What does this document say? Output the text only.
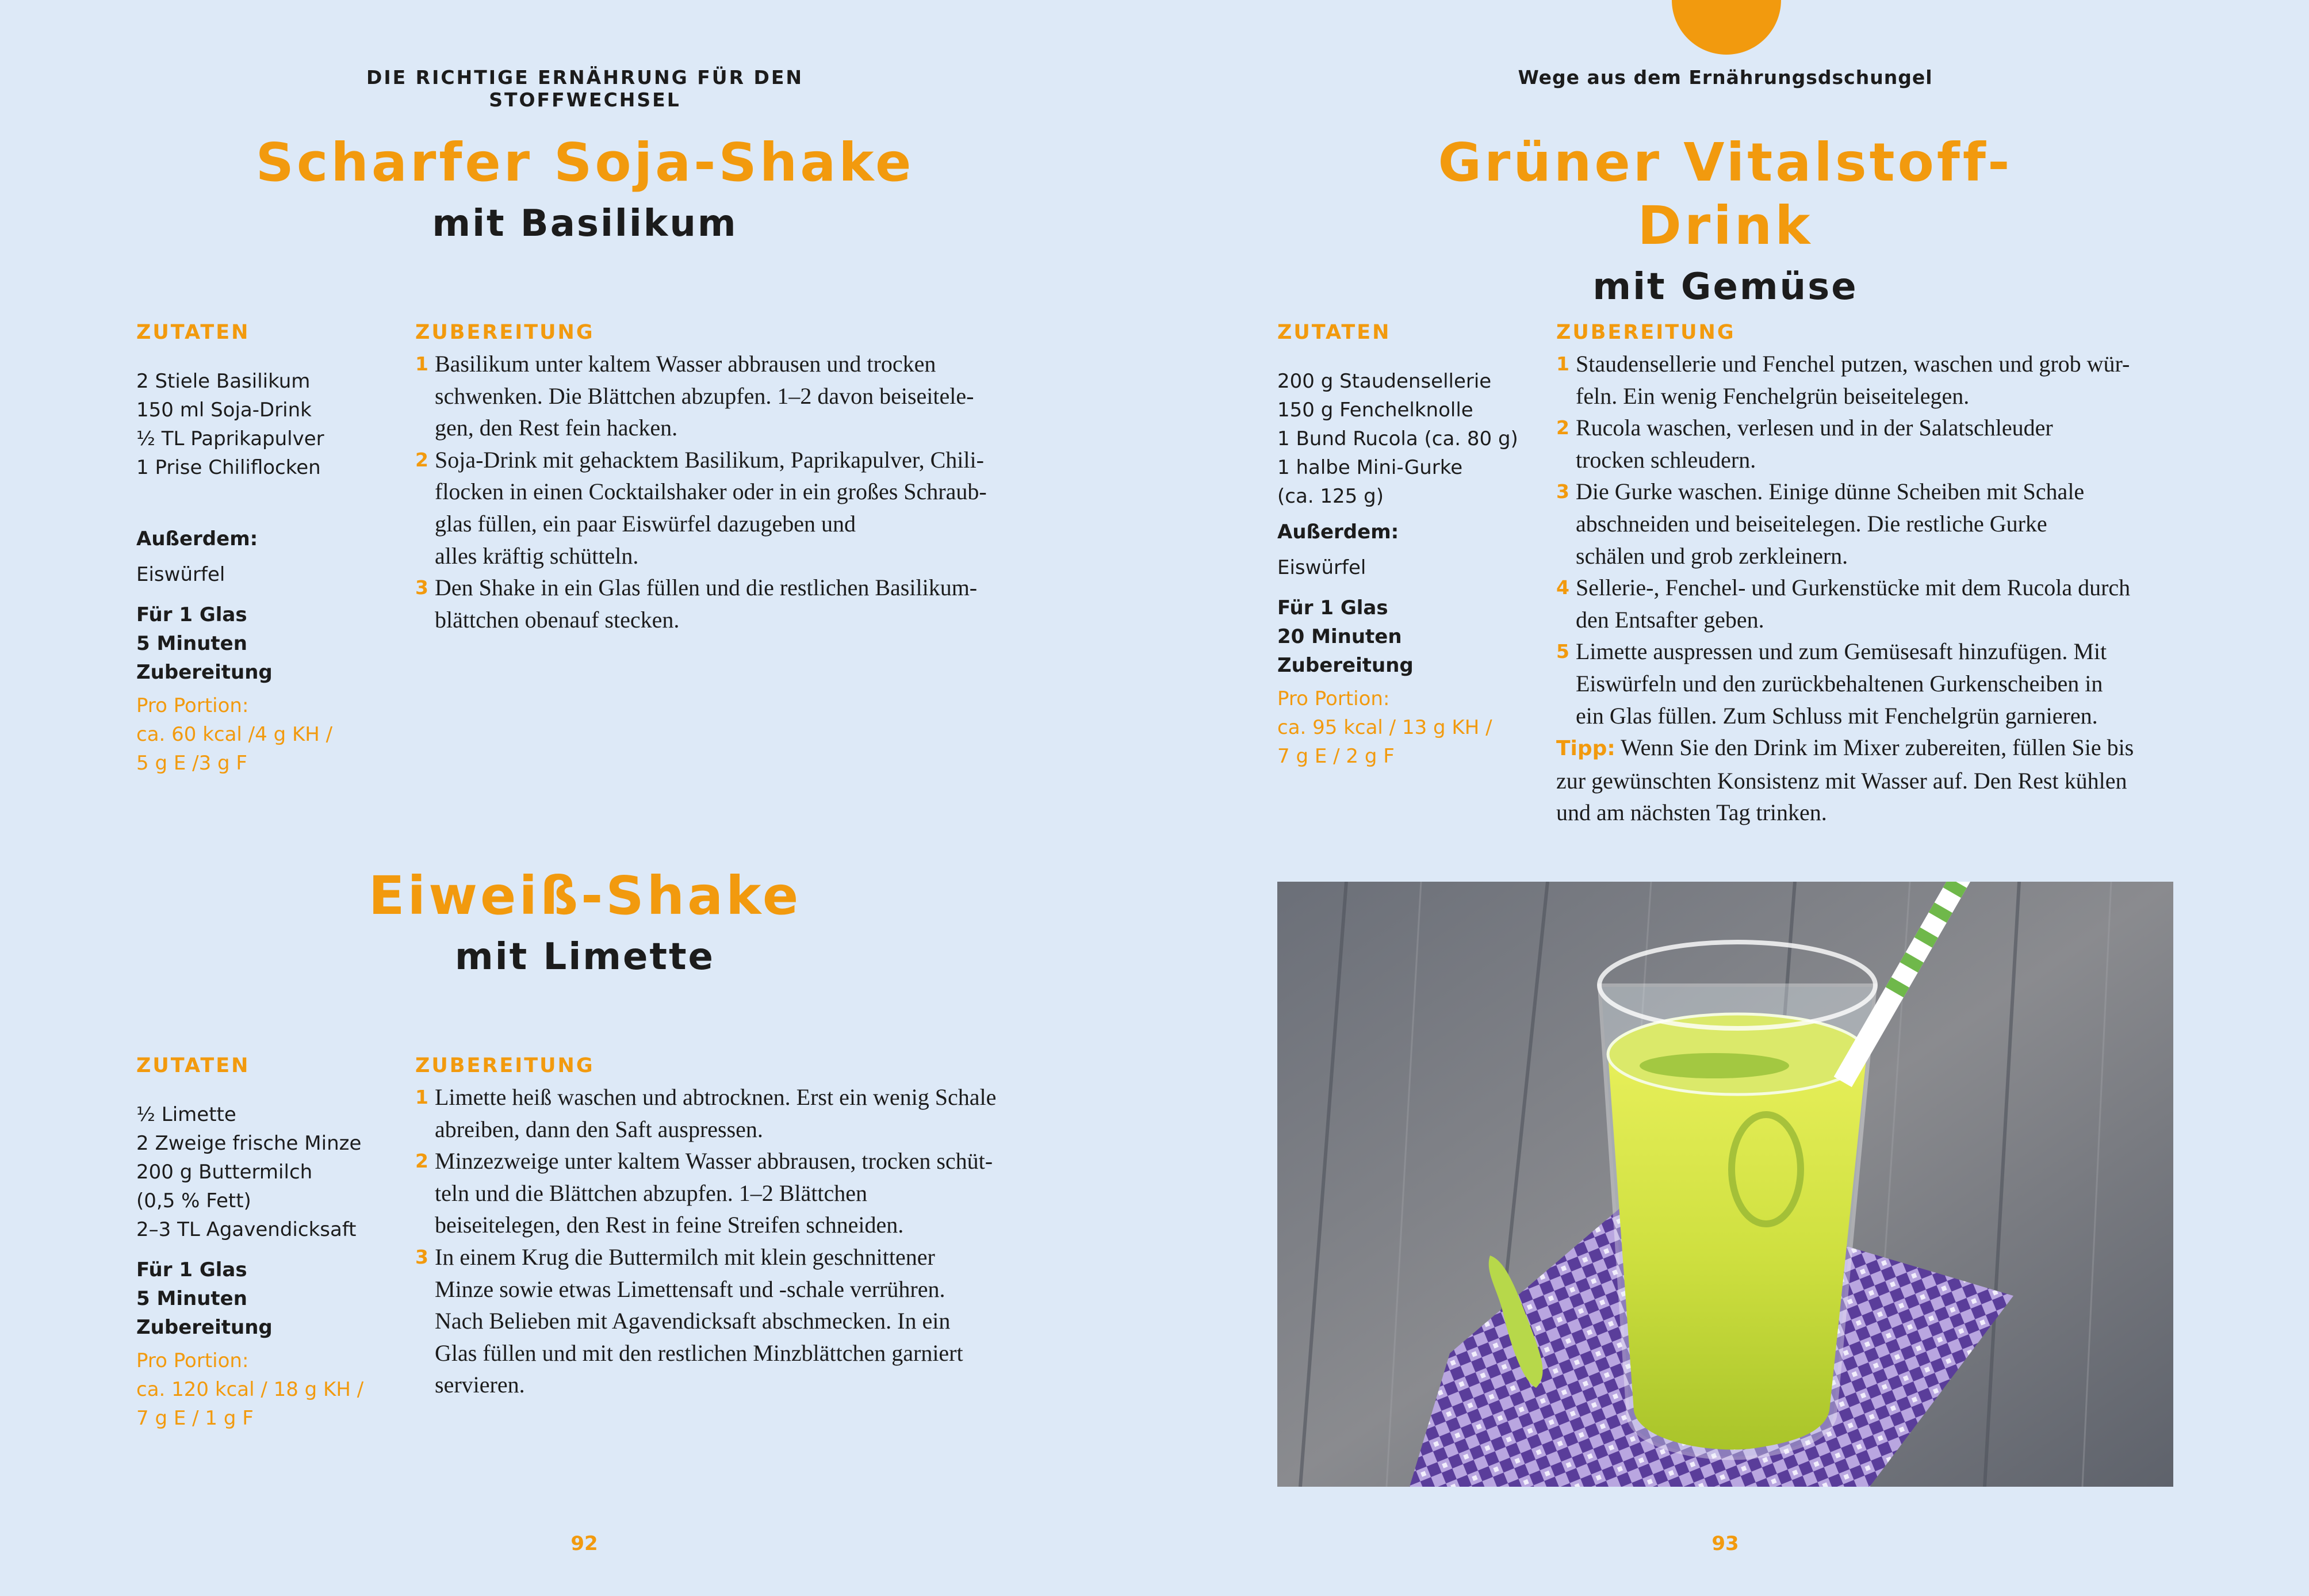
DIE RICHTIGE ERNÄHRUNG FÜR DEN STOFFWECHSEL
Wege aus dem Ernährungsdschungel
Scharfer Soja-Shake
mit Basilikum
ZUTATEN	ZUBEREITUNG
2 Stiele Basilikum
150 ml Soja-Drink
½ TL Paprikapulver
1 Prise Chiliflocken
Außerdem:
Eiswürfel
Für 1 Glas
5 Minuten Zubereitung
Pro Portion:
ca. 60 kcal /4 g KH /
5 g E /3 g F
1 Basilikum unter kaltem Wasser abbrausen und trocken
schwenken. Die Blättchen abzupfen. 1–2 davon beiseitele-
gen, den Rest fein hacken.
2 Soja-Drink mit gehacktem Basilikum, Paprikapulver, Chili-
flocken in einen Cocktailshaker oder in ein großes Schraub-
glas füllen, ein paar Eiswürfel dazugeben und
alles kräftig schütteln.
3 Den Shake in ein Glas füllen und die restlichen Basilikum-
blättchen obenauf stecken.
Eiweiß-Shake
mit Limette
ZUTATEN	ZUBEREITUNG
½ Limette
2 Zweige frische Minze
200 g Buttermilch
(0,5 % Fett)
2–3 TL Agavendicksaft
Für 1 Glas
5 Minuten Zubereitung
Pro Portion:
ca. 120 kcal / 18 g KH /
7 g E / 1 g F
1 Limette heiß waschen und abtrocknen. Erst ein wenig Schale
abreiben, dann den Saft auspressen.
2 Minzezweige unter kaltem Wasser abbrausen, trocken schüt-
teln und die Blättchen abzupfen. 1–2 Blättchen
beiseitelegen, den Rest in feine Streifen schneiden.
3 In einem Krug die Buttermilch mit klein geschnittener
Minze sowie etwas Limettensaft und -schale verrühren.
Nach Belieben mit Agavendicksaft abschmecken. In ein
Glas füllen und mit den restlichen Minzblättchen garniert
servieren.
Grüner Vitalstoff-Drink
mit Gemüse
ZUTATEN	ZUBEREITUNG
200 g Staudensellerie
150 g Fenchelknolle
1 Bund Rucola (ca. 80 g)
1 halbe Mini-Gurke
(ca. 125 g)
Außerdem:
Eiswürfel
Für 1 Glas
20 Minuten Zubereitung
Pro Portion:
ca. 95 kcal / 13 g KH /
7 g E / 2 g F
1 Staudensellerie und Fenchel putzen, waschen und grob wür-
feln. Ein wenig Fenchelgrün beiseitelegen.
2 Rucola waschen, verlesen und in der Salatschleuder
trocken schleudern.
3 Die Gurke waschen. Einige dünne Scheiben mit Schale
abschneiden und beiseitelegen. Die restliche Gurke
schälen und grob zerkleinern.
4 Sellerie-, Fenchel- und Gurkenstücke mit dem Rucola durch
den Entsafter geben.
5 Limette auspressen und zum Gemüsesaft hinzufügen. Mit
Eiswürfeln und den zurückbehaltenen Gurkenscheiben in
ein Glas füllen. Zum Schluss mit Fenchelgrün garnieren.
Tipp: Wenn Sie den Drink im Mixer zubereiten, füllen Sie bis
zur gewünschten Konsistenz mit Wasser auf. Den Rest kühlen
und am nächsten Tag trinken.
92	93
